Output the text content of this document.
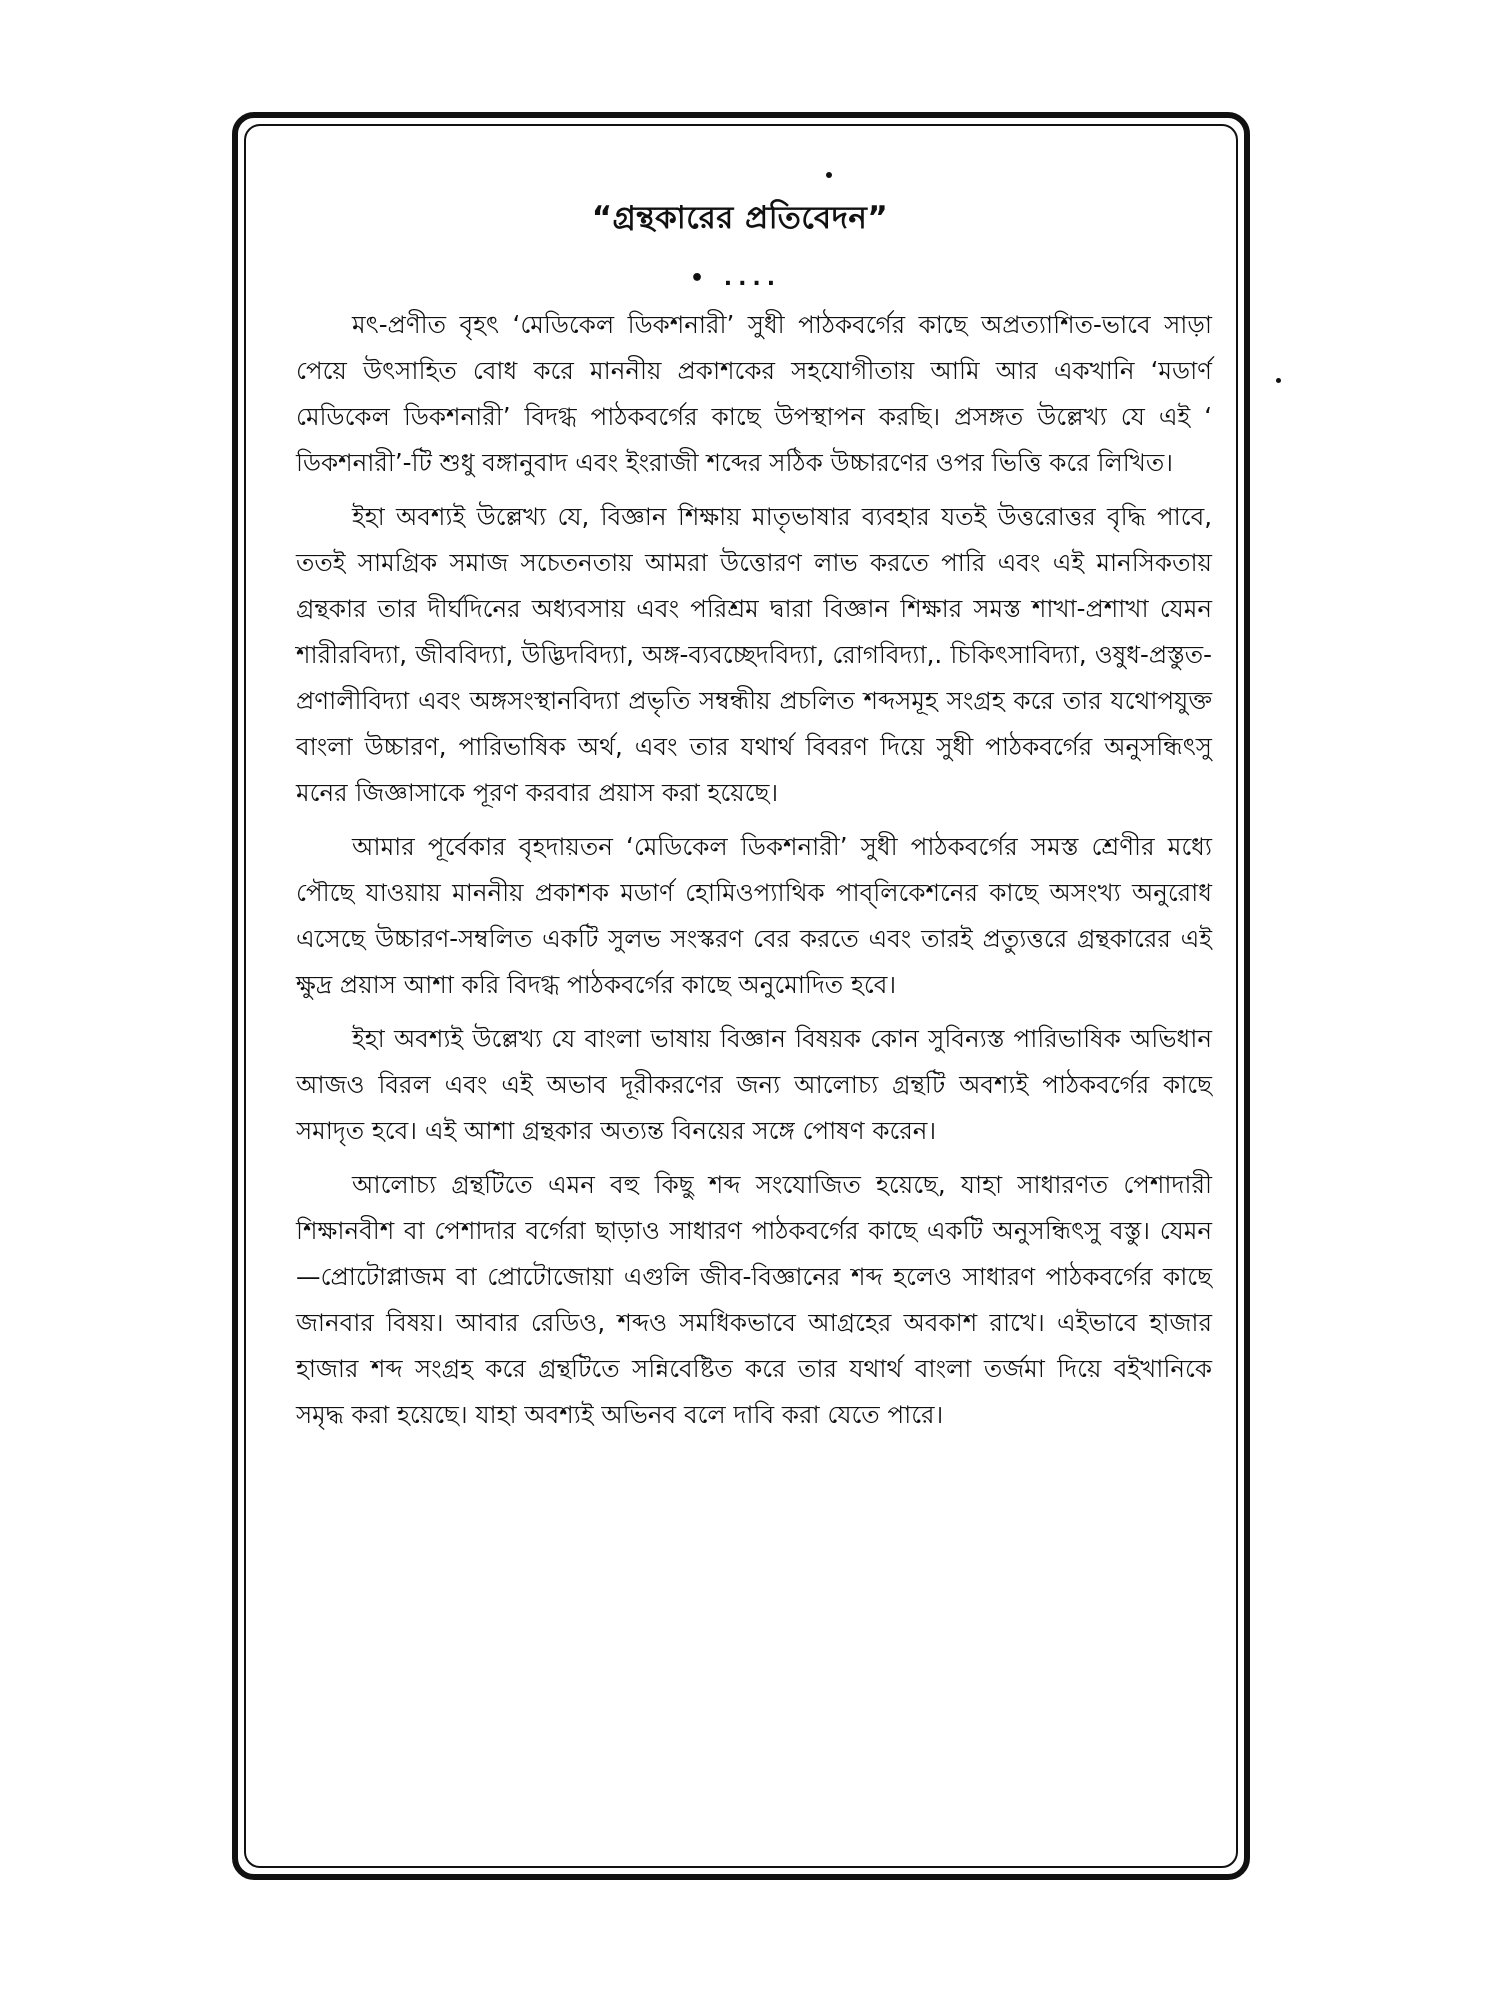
“গ্রন্থকারের প্রতিবেদন”
• ....

মৎ-প্রণীত বৃহৎ ‘মেডিকেল ডিকশনারী’ সুধী পাঠকবর্গের কাছে অপ্রত্যাশিত-ভাবে সাড়া পেয়ে উৎসাহিত বোধ করে মাননীয় প্রকাশকের সহযোগীতায় আমি আর একখানি ‘মডার্ণ মেডিকেল ডিকশনারী’ বিদগ্ধ পাঠকবর্গের কাছে উপস্থাপন করছি। প্রসঙ্গত উল্লেখ্য যে এই ‘ ডিকশনারী’-টি শুধু বঙ্গানুবাদ এবং ইংরাজী শব্দের সঠিক উচ্চারণের ওপর ভিত্তি করে লিখিত।

ইহা অবশ্যই উল্লেখ্য যে, বিজ্ঞান শিক্ষায় মাতৃভাষার ব্যবহার যতই উত্তরোত্তর বৃদ্ধি পাবে, ততই সামগ্রিক সমাজ সচেতনতায় আমরা উত্তোরণ লাভ করতে পারি এবং এই মানসিকতায় গ্রন্থকার তার দীর্ঘদিনের অধ্যবসায় এবং পরিশ্রম দ্বারা বিজ্ঞান শিক্ষার সমস্ত শাখা-প্রশাখা যেমন শারীরবিদ্যা, জীববিদ্যা, উদ্ভিদবিদ্যা, অঙ্গ-ব্যবচ্ছেদবিদ্যা, রোগবিদ্যা,. চিকিৎসাবিদ্যা, ওষুধ-প্রস্তুত-প্রণালীবিদ্যা এবং অঙ্গসংস্থানবিদ্যা প্রভৃতি সম্বন্ধীয় প্রচলিত শব্দসমূহ সংগ্রহ করে তার যথোপযুক্ত বাংলা উচ্চারণ, পারিভাষিক অর্থ, এবং তার যথার্থ বিবরণ দিয়ে সুধী পাঠকবর্গের অনুসন্ধিৎসু মনের জিজ্ঞাসাকে পূরণ করবার প্রয়াস করা হয়েছে।

আমার পূর্বেকার বৃহদায়তন ‘মেডিকেল ডিকশনারী’ সুধী পাঠকবর্গের সমস্ত শ্রেণীর মধ্যে পৌছে যাওয়ায় মাননীয় প্রকাশক মডার্ণ হোমিওপ্যাথিক পাব্‌লিকেশনের কাছে অসংখ্য অনুরোধ এসেছে উচ্চারণ-সম্বলিত একটি সুলভ সংস্করণ বের করতে এবং তারই প্রত্যুত্তরে গ্রন্থকারের এই ক্ষুদ্র প্রয়াস আশা করি বিদগ্ধ পাঠকবর্গের কাছে অনুমোদিত হবে।

ইহা অবশ্যই উল্লেখ্য যে বাংলা ভাষায় বিজ্ঞান বিষয়ক কোন সুবিন্যস্ত পারিভাষিক অভিধান আজও বিরল এবং এই অভাব দূরীকরণের জন্য আলোচ্য গ্রন্থটি অবশ্যই পাঠকবর্গের কাছে সমাদৃত হবে। এই আশা গ্রন্থকার অত্যন্ত বিনয়ের সঙ্গে পোষণ করেন।

আলোচ্য গ্রন্থটিতে এমন বহু কিছু শব্দ সংযোজিত হয়েছে, যাহা সাধারণত পেশাদারী শিক্ষানবীশ বা পেশাদার বর্গেরা ছাড়াও সাধারণ পাঠকবর্গের কাছে একটি অনুসন্ধিৎসু বস্তু। যেমন—প্রোটোপ্লাজম বা প্রোটোজোয়া এগুলি জীব-বিজ্ঞানের শব্দ হলেও সাধারণ পাঠকবর্গের কাছে জানবার বিষয়। আবার রেডিও, শব্দও সমধিকভাবে আগ্রহের অবকাশ রাখে। এইভাবে হাজার হাজার শব্দ সংগ্রহ করে গ্রন্থটিতে সন্নিবেষ্টিত করে তার যথার্থ বাংলা তর্জমা দিয়ে বইখানিকে সমৃদ্ধ করা হয়েছে। যাহা অবশ্যই অভিনব বলে দাবি করা যেতে পারে।
